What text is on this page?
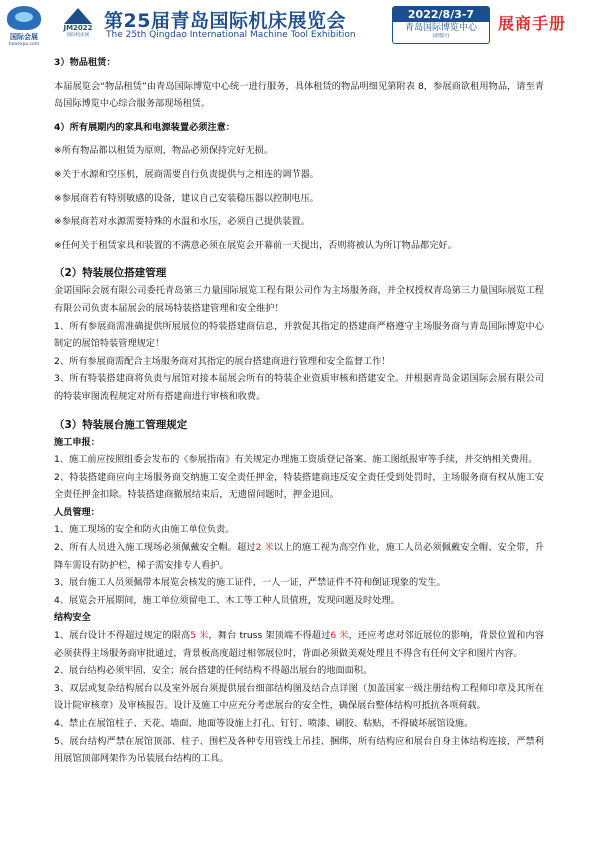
国际会展
hooexpo.com
JM2022
国际机床展
第25届青岛国际机床展览会
The 25th Qingdao International Machine Tool Exhibition
2022/8/3-7
青岛国际博览中心
(即墨区)
展商手册

3）物品租赁：

本届展览会“物品租赁”由青岛国际博览中心统一进行服务，具体租赁的物品明细见第附表 8，参展商欲租用物品，请至青岛国际博览中心综合服务部现场租赁。

4）所有展期内的家具和电源装置必须注意：

※所有物品都以租赁为原则，物品必须保持完好无损。

※关于水源和空压机，展商需要自行负责提供与之相连的调节器。

※参展商若有特别敏感的设备，建议自己安装稳压器以控制电压。

※参展商若对水源需要特殊的水温和水压，必须自己提供装置。

※任何关于租赁家具和装置的不满意必须在展览会开幕前一天提出，否则将被认为所订物品都完好。

（2）特装展位搭建管理

金诺国际会展有限公司委托青岛第三力量国际展览工程有限公司作为主场服务商，并全权授权青岛第三力量国际展览工程有限公司负责本届展会的展场特装搭建管理和安全维护！

1、所有参展商需准确提供所展展位的特装搭建商信息，并敦促其指定的搭建商严格遵守主场服务商与青岛国际博览中心制定的展馆特装管理规定！

2、所有参展商需配合主场服务商对其指定的展台搭建商进行管理和安全监督工作！

3、所有特装搭建商将负责与展馆对接本届展会所有的特装企业资质审核和搭建安全。并根据青岛金诺国际会展有限公司的特装审图流程规定对所有搭建商进行审核和收费。

（3）特装展台施工管理规定

施工申报：

1、施工前应按照组委会发布的《参展指南》有关规定办理施工资质登记备案、施工图纸报审等手续，并交纳相关费用。

2、特装搭建商应向主场服务商交纳施工安全责任押金，特装搭建商违反安全责任受到处罚时，主场服务商有权从施工安全责任押金扣除。特装搭建商撤展结束后，无遗留问题时，押金退回。

人员管理：

1、施工现场的安全和防火由施工单位负责。

2、所有人员进入施工现场必须佩戴安全帽。超过2 米以上的施工视为高空作业，施工人员必须佩戴安全帽、安全带，升降车需设有防护栏，梯子需安排专人看护。

3、展台施工人员须佩带本展览会核发的施工证件，一人一证，严禁证件不符和倒证现象的发生。

4、展览会开展期间，施工单位须留电工、木工等工种人员值班，发现问题及时处理。

结构安全

1、展台设计不得超过规定的限高5 米，舞台 truss 架顶端不得超过6 米，还应考虑对邻近展位的影响，背景位置和内容必须获得主场服务商审批通过，背景板高度超过相邻展位时，背面必须做美观处理且不得含有任何文字和图片内容。

2、展台结构必须牢固、安全；展台搭建的任何结构不得超出展台的地面面积。

3、双层或复杂结构展台以及室外展台须提供展台细部结构图及结合点详图（加盖国家一级注册结构工程师印章及其所在设计院审核章）及审核报告。设计及施工中应充分考虑展台的安全性，确保展台整体结构可抵抗各项荷载。

4、禁止在展馆柱子、天花、墙面、地面等设施上打孔、钉钉、喷漆、刷胶、粘贴，不得破坏展馆设施。

5、展台结构严禁在展馆顶部、柱子、围栏及各种专用管线上吊挂、捆绑，所有结构应和展台自身主体结构连接，严禁利用展馆顶部网架作为吊装展台结构的工具。
